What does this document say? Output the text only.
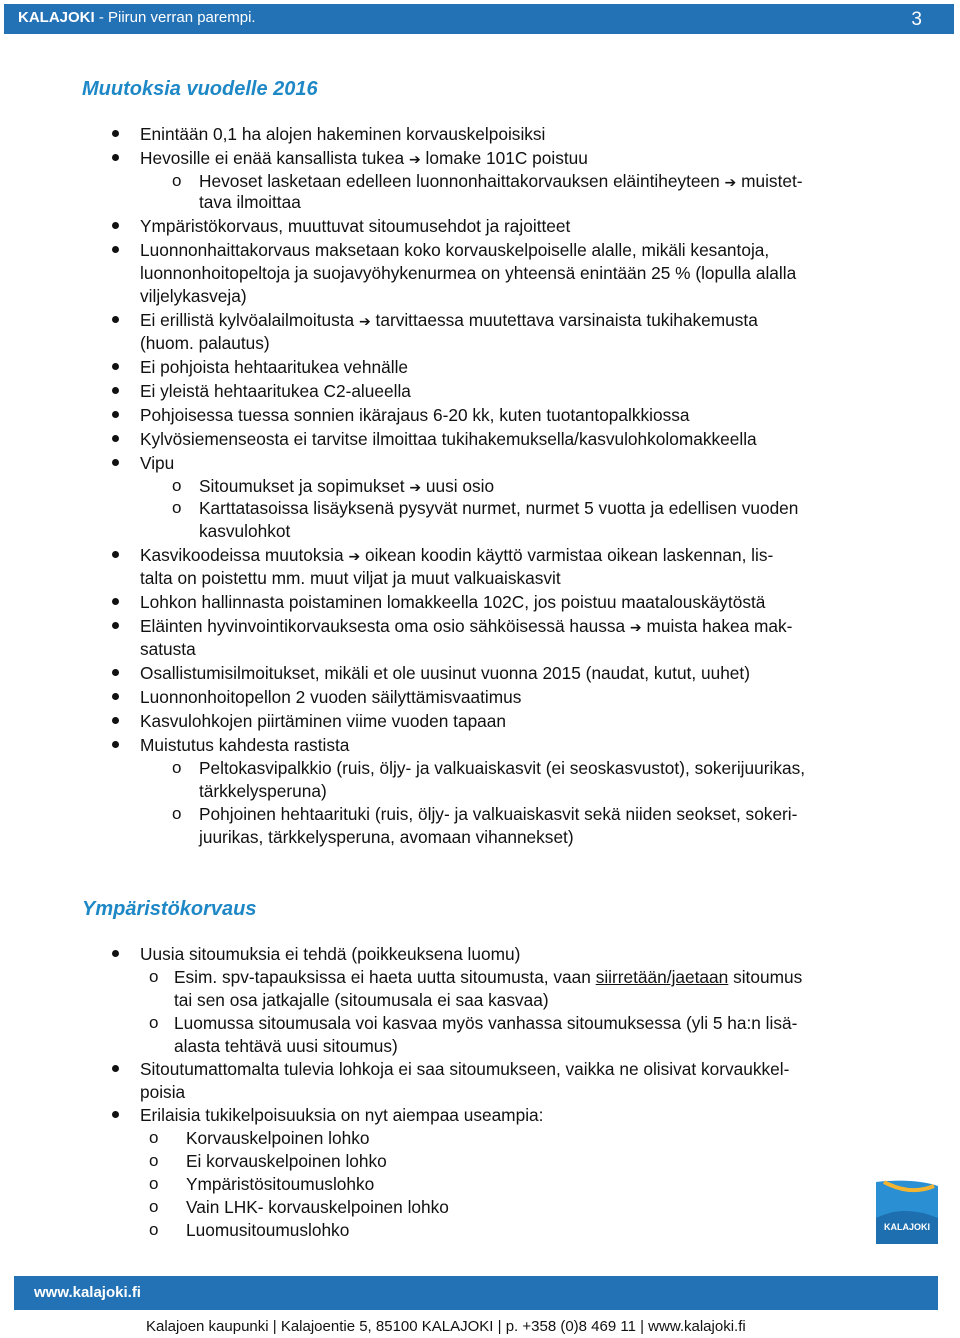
KALAJOKI - Piirun verran parempi.	3
Muutoksia vuodelle 2016
Enintään 0,1 ha alojen hakeminen korvauskelpoisiksi
Hevosille ei enää kansallista tukea ➔ lomake 101C poistuu
o Hevoset lasketaan edelleen luonnonhaittakorvauksen eläintiheyteen ➔ muistet-
tava ilmoittaa
Ympäristökorvaus, muuttuvat sitoumusehdot ja rajoitteet
Luonnonhaittakorvaus maksetaan koko korvauskelpoiselle alalle, mikäli kesantoja,
luonnonhoitopeltoja ja suojavyöhykenurmea on yhteensä enintään 25 % (lopulla alalla
viljelykasveja)
Ei erillistä kylvöalailmoitusta ➔ tarvittaessa muutettava varsinaista tukihakemusta
(huom. palautus)
Ei pohjoista hehtaaritukea vehnälle
Ei yleistä hehtaaritukea C2-alueella
Pohjoisessa tuessa sonnien ikärajaus 6-20 kk, kuten tuotantopalkkiossa
Kylvösiemenseosta ei tarvitse ilmoittaa tukihakemuksella/kasvulohkolomakkeella
Vipu
o Sitoumukset ja sopimukset ➔ uusi osio
o Karttatasoissa lisäyksenä pysyvät nurmet, nurmet 5 vuotta ja edellisen vuoden
kasvulohkot
Kasvikoodeissa muutoksia ➔ oikean koodin käyttö varmistaa oikean laskennan, lis-
talta on poistettu mm. muut viljat ja muut valkuaiskasvit
Lohkon hallinnasta poistaminen lomakkeella 102C, jos poistuu maatalouskäytöstä
Eläinten hyvinvointikorvauksesta oma osio sähköisessä haussa ➔ muista hakea mak-
satusta
Osallistumisilmoitukset, mikäli et ole uusinut vuonna 2015 (naudat, kutut, uuhet)
Luonnonhoitopellon 2 vuoden säilyttämisvaatimus
Kasvulohkojen piirtäminen viime vuoden tapaan
Muistutus kahdesta rastista
o Peltokasvipalkkio (ruis, öljy- ja valkuaiskasvit (ei seoskasvustot), sokerijuurikas,
tärkkelysperuna)
o Pohjoinen hehtaarituki (ruis, öljy- ja valkuaiskasvit sekä niiden seokset, sokeri-
juurikas, tärkkelysperuna, avomaan vihannekset)
Ympäristökorvaus
Uusia sitoumuksia ei tehdä (poikkeuksena luomu)
o Esim. spv-tapauksissa ei haeta uutta sitoumusta, vaan siirretään/jaetaan sitoumus
tai sen osa jatkajalle (sitoumusala ei saa kasvaa)
o Luomussa sitoumusala voi kasvaa myös vanhassa sitoumuksessa (yli 5 ha:n lisä-
alasta tehtävä uusi sitoumus)
Sitoutumattomalta tulevia lohkoja ei saa sitoumukseen, vaikka ne olisivat korvaukkel-
poisia
Erilaisia tukikelpoisuuksia on nyt aiempaa useampia:
o Korvauskelpoinen lohko
o Ei korvauskelpoinen lohko
o Ympäristösitoumuslohko
o Vain LHK- korvauskelpoinen lohko
o Luomusitoumuslohko	KALAJOKI
www.kalajoki.fi
Kalajoen kaupunki | Kalajoentie 5, 85100 KALAJOKI | p. +358 (0)8 469 11 | www.kalajoki.fi
